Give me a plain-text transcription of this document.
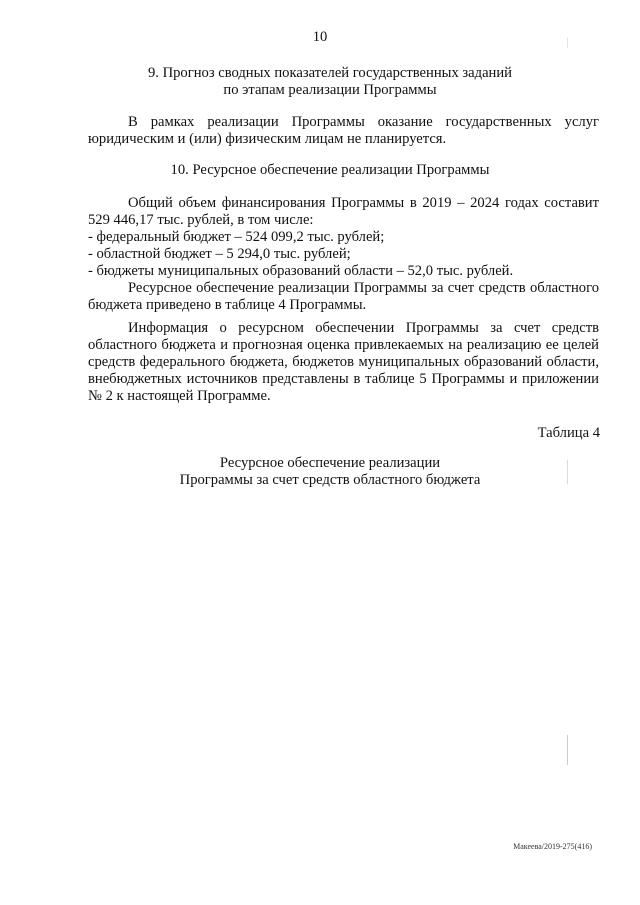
10
9. Прогноз сводных показателей государственных заданий
по этапам реализации Программы
В рамках реализации Программы оказание государственных услуг юридическим и (или) физическим лицам не планируется.
10. Ресурсное обеспечение реализации Программы
Общий объем финансирования Программы в 2019 – 2024 годах составит 529 446,17 тыс. рублей, в том числе:
- федеральный бюджет – 524 099,2 тыс. рублей;
- областной бюджет – 5 294,0 тыс. рублей;
- бюджеты муниципальных образований области – 52,0 тыс. рублей.
Ресурсное обеспечение реализации Программы за счет средств областного бюджета приведено в таблице 4 Программы.
Информация о ресурсном обеспечении Программы за счет средств областного бюджета и прогнозная оценка привлекаемых на реализацию ее целей средств федерального бюджета, бюджетов муниципальных образований области, внебюджетных источников представлены в таблице 5 Программы и приложении № 2 к настоящей Программе.
Таблица 4
Ресурсное обеспечение реализации
Программы за счет средств областного бюджета
Макеева/2019-275(416)
